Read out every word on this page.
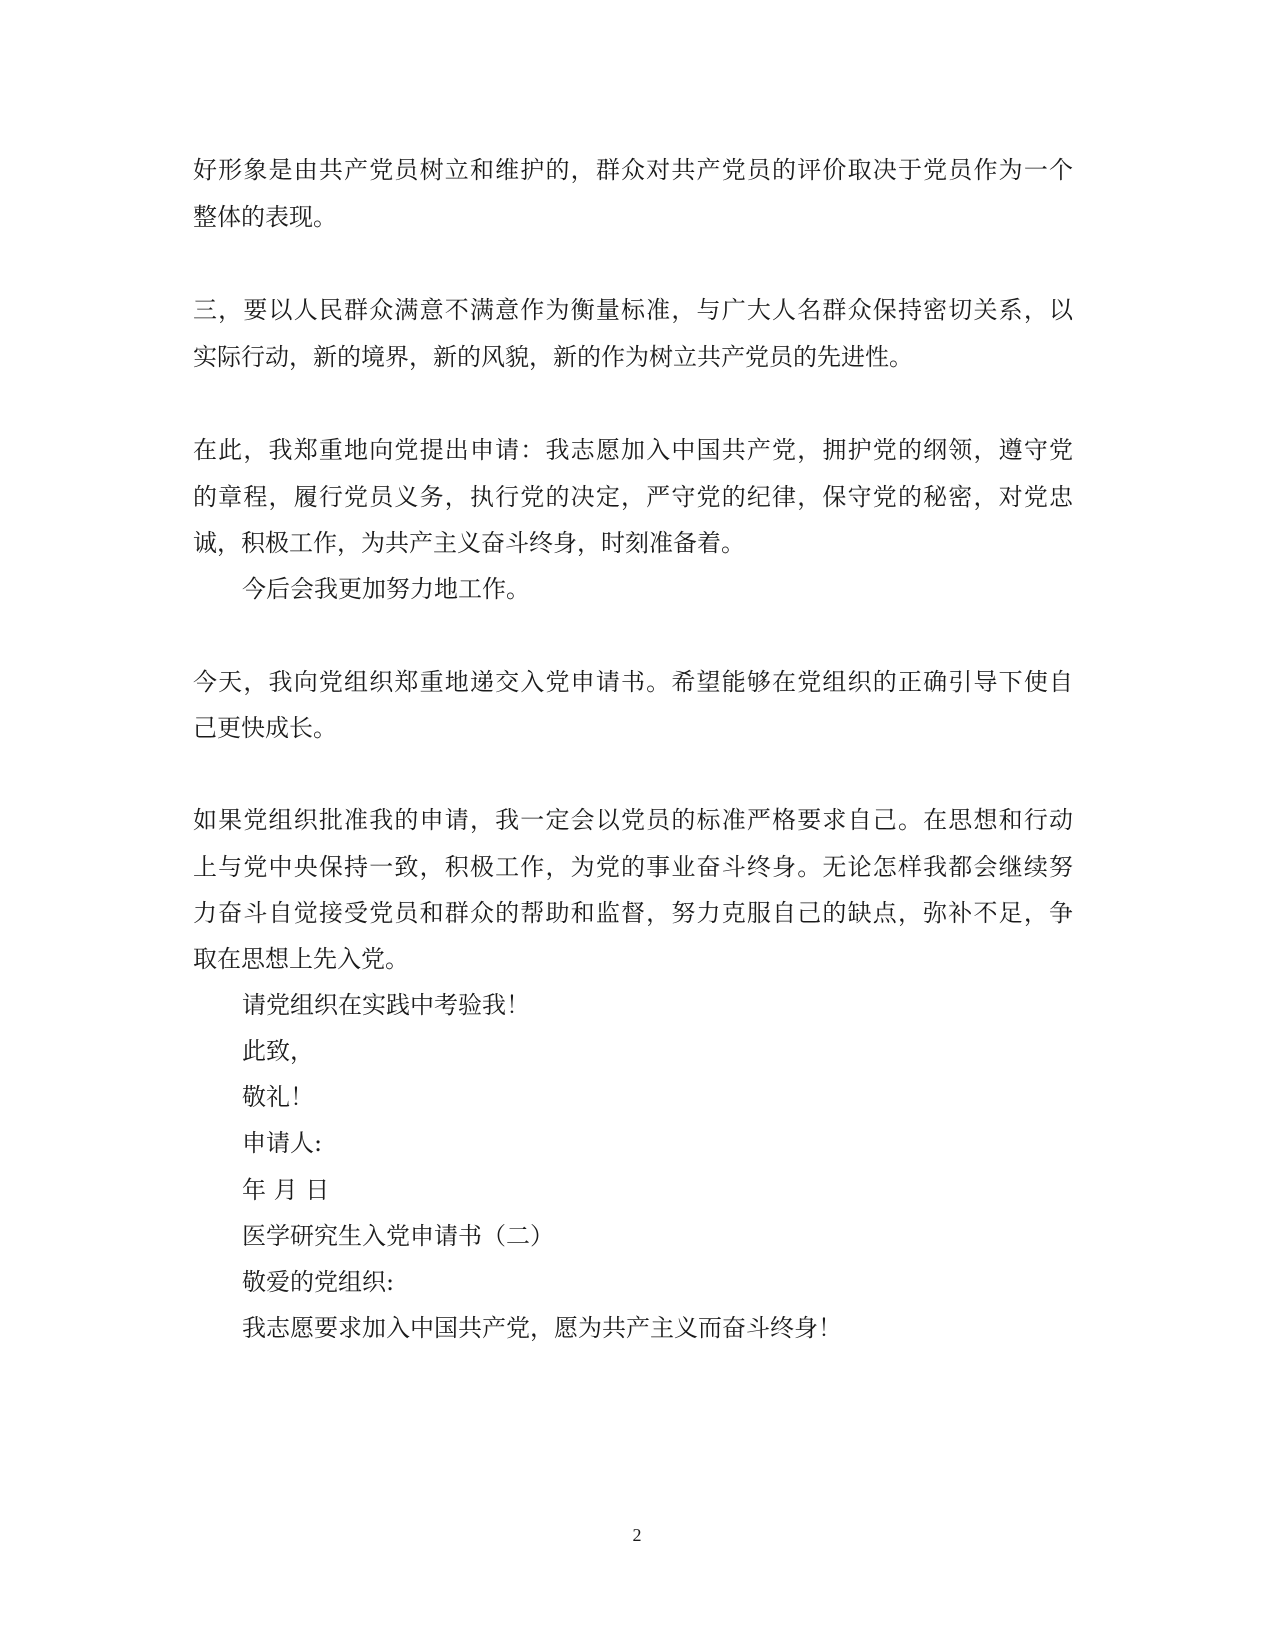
好形象是由共产党员树立和维护的，群众对共产党员的评价取决于党员作为一个
整体的表现。
三，要以人民群众满意不满意作为衡量标准，与广大人名群众保持密切关系，以
实际行动，新的境界，新的风貌，新的作为树立共产党员的先进性。
在此，我郑重地向党提出申请：我志愿加入中国共产党，拥护党的纲领，遵守党
的章程，履行党员义务，执行党的决定，严守党的纪律，保守党的秘密，对党忠
诚，积极工作，为共产主义奋斗终身，时刻准备着。
今后会我更加努力地工作。
今天，我向党组织郑重地递交入党申请书。希望能够在党组织的正确引导下使自
己更快成长。
如果党组织批准我的申请，我一定会以党员的标准严格要求自己。在思想和行动
上与党中央保持一致，积极工作，为党的事业奋斗终身。无论怎样我都会继续努
力奋斗自觉接受党员和群众的帮助和监督，努力克服自己的缺点，弥补不足，争
取在思想上先入党。
请党组织在实践中考验我！
此致，
敬礼！
申请人:
年 月 日
医学研究生入党申请书（二）
敬爱的党组织:
我志愿要求加入中国共产党，愿为共产主义而奋斗终身！
2
